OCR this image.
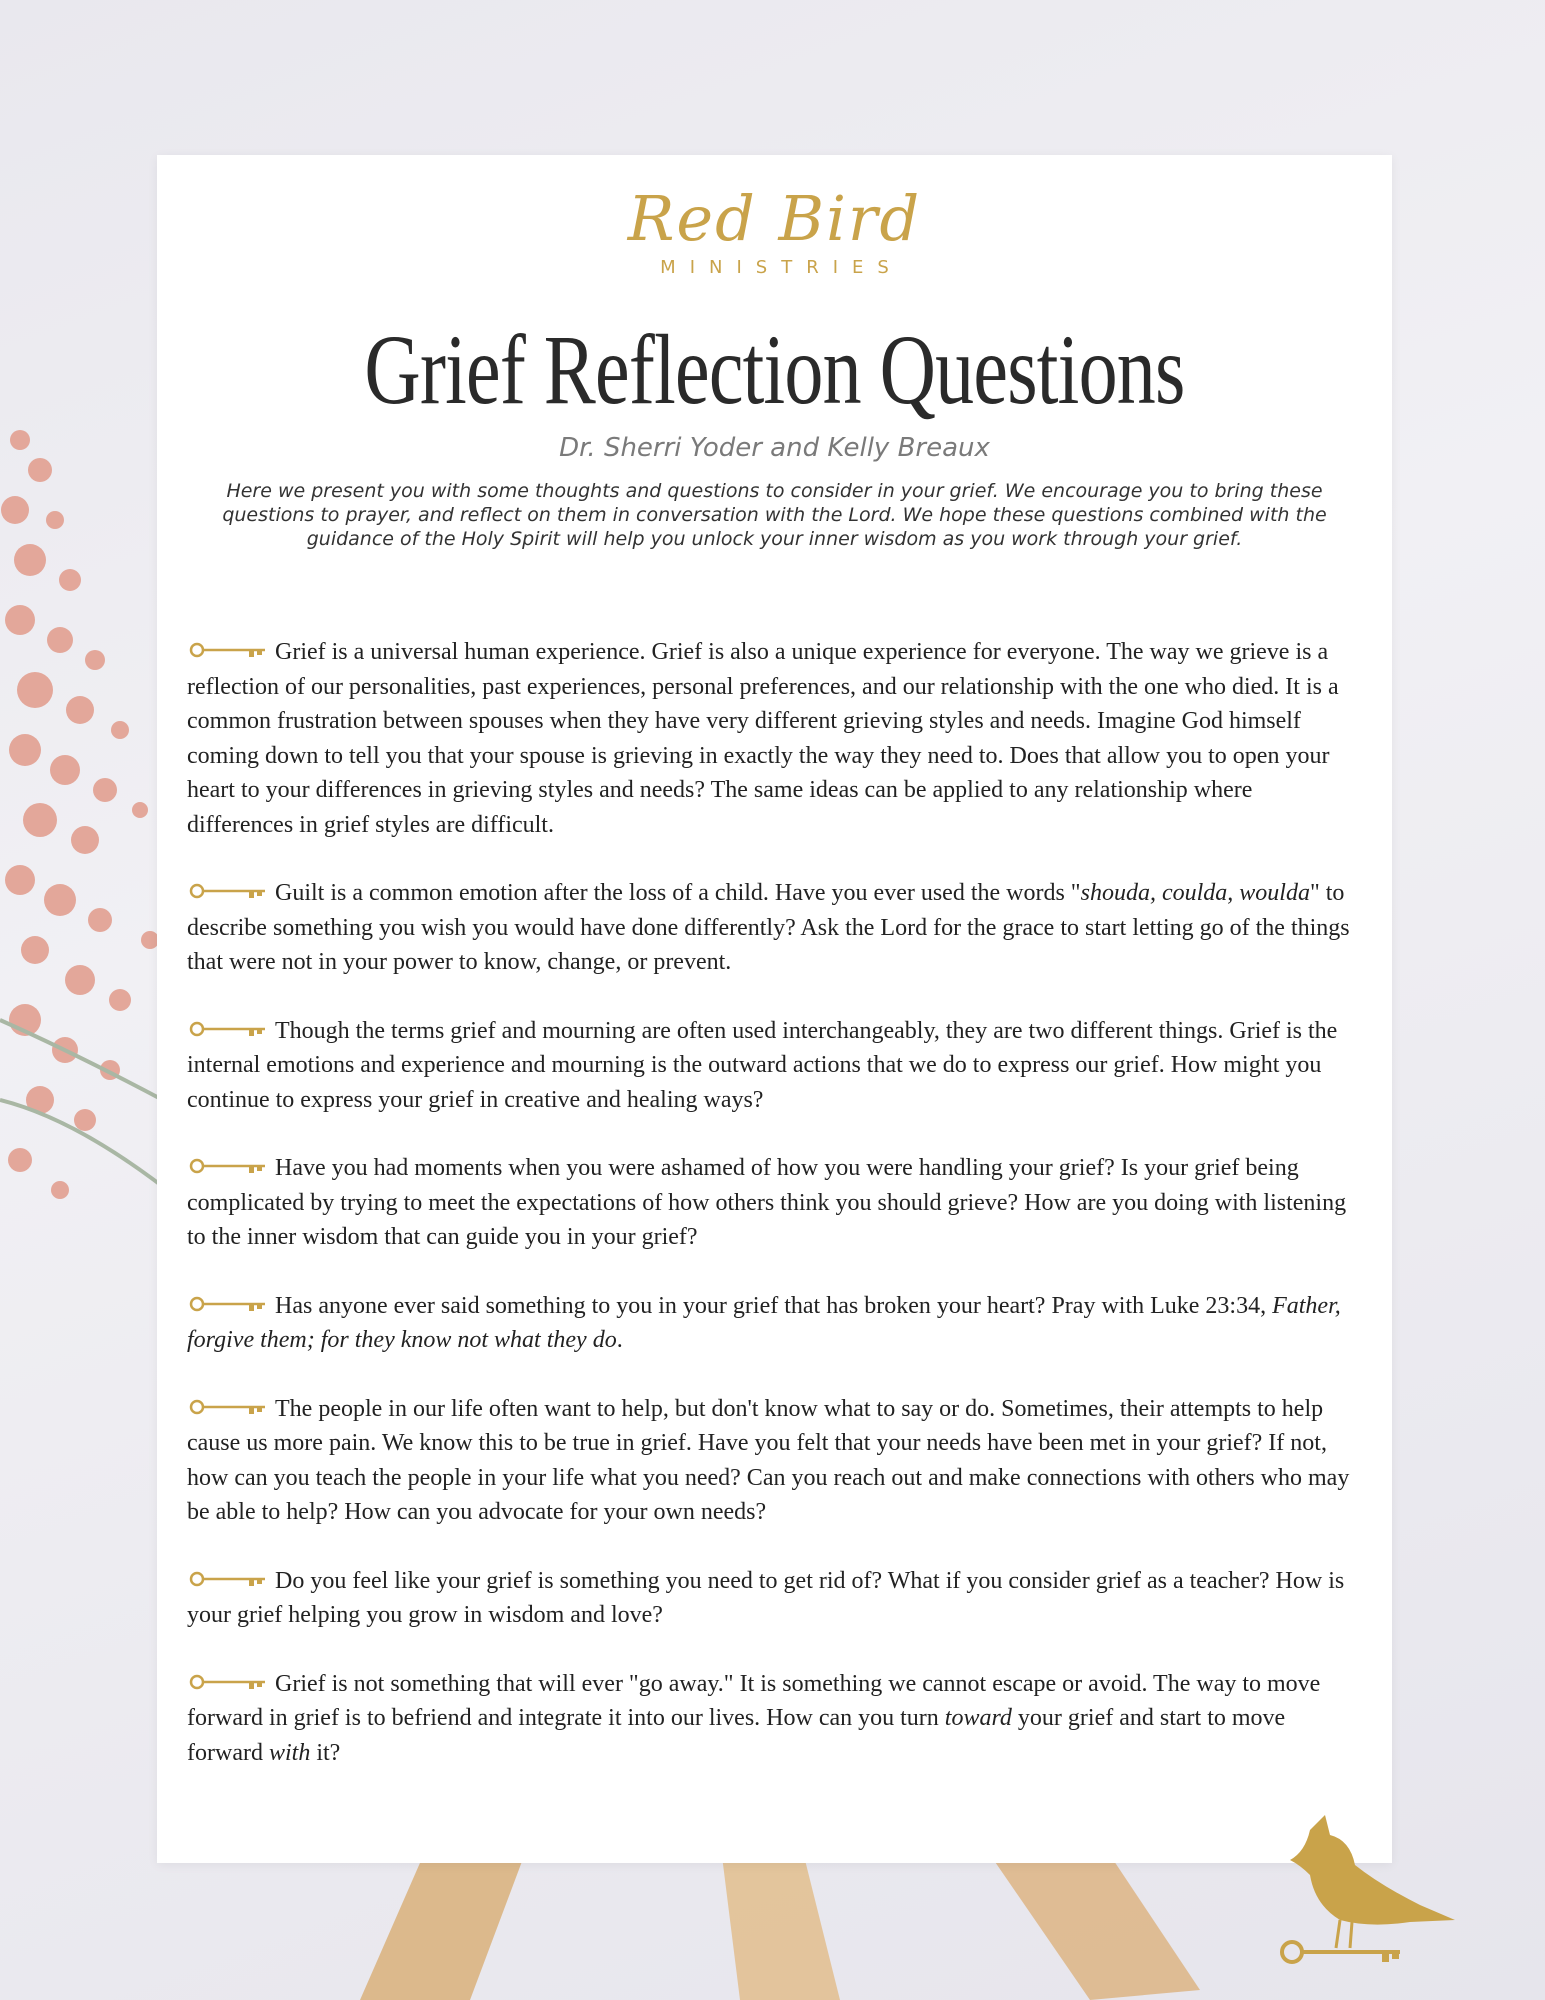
Red Bird
MINISTRIES
Grief Reflection Questions
Dr. Sherri Yoder and Kelly Breaux
Here we present you with some thoughts and questions to consider in your grief. We encourage you to bring these questions to prayer, and reflect on them in conversation with the Lord. We hope these questions combined with the guidance of the Holy Spirit will help you unlock your inner wisdom as you work through your grief.

Grief is a universal human experience. Grief is also a unique experience for everyone. The way we grieve is a reflection of our personalities, past experiences, personal preferences, and our relationship with the one who died. It is a common frustration between spouses when they have very different grieving styles and needs. Imagine God himself coming down to tell you that your spouse is grieving in exactly the way they need to. Does that allow you to open your heart to your differences in grieving styles and needs? The same ideas can be applied to any relationship where differences in grief styles are difficult.

Guilt is a common emotion after the loss of a child. Have you ever used the words "shouda, coulda, woulda" to describe something you wish you would have done differently? Ask the Lord for the grace to start letting go of the things that were not in your power to know, change, or prevent.

Though the terms grief and mourning are often used interchangeably, they are two different things. Grief is the internal emotions and experience and mourning is the outward actions that we do to express our grief. How might you continue to express your grief in creative and healing ways?

Have you had moments when you were ashamed of how you were handling your grief? Is your grief being complicated by trying to meet the expectations of how others think you should grieve? How are you doing with listening to the inner wisdom that can guide you in your grief?

Has anyone ever said something to you in your grief that has broken your heart? Pray with Luke 23:34, Father, forgive them; for they know not what they do.

The people in our life often want to help, but don't know what to say or do. Sometimes, their attempts to help cause us more pain. We know this to be true in grief. Have you felt that your needs have been met in your grief? If not, how can you teach the people in your life what you need? Can you reach out and make connections with others who may be able to help? How can you advocate for your own needs?

Do you feel like your grief is something you need to get rid of? What if you consider grief as a teacher? How is your grief helping you grow in wisdom and love?

Grief is not something that will ever "go away." It is something we cannot escape or avoid. The way to move forward in grief is to befriend and integrate it into our lives. How can you turn toward your grief and start to move forward with it?
